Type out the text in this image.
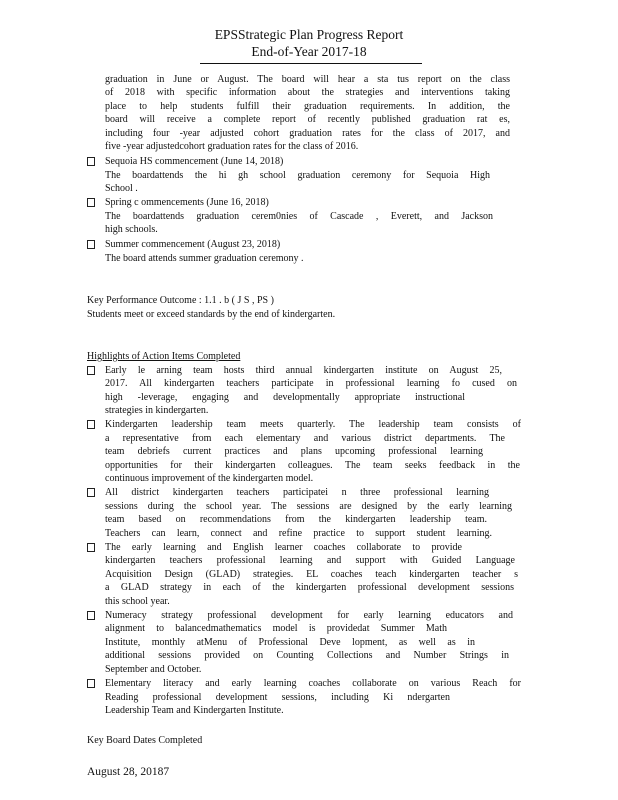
EPSStrategic Plan Progress Report
End-of-Year 2017-18
graduation in June or August. The board will hear a sta tus report on the class
of 2018 with specific information about the strategies and interventions taking
place to help students fulfill their graduation requirements. In addition, the
board will receive a complete report of recently published graduation rat es,
including four -year adjusted cohort graduation rates for the class of 2017, and
five -year adjustedcohort graduation rates for the class of 2016.
Sequoia HS commencement (June 14, 2018)
The boardattends the hi gh school graduation ceremony for Sequoia High
School .
Spring c ommencements (June 16, 2018)
The boardattends graduation cerem0nies of Cascade , Everett, and Jackson
high schools.
Summer commencement (August 23, 2018)
The board attends summer graduation ceremony .
Key Performance Outcome : 1.1 . b ( J S , PS )
Students meet or exceed standards by the end of kindergarten.
Highlights of Action Items Completed
Early le arning team hosts third annual kindergarten institute on August 25,
2017. All kindergarten teachers participate in professional learning fo cused on
high -leverage, engaging and developmentally appropriate instructional
strategies in kindergarten.
Kindergarten leadership team meets quarterly. The leadership team consists of
a representative from each elementary and various district departments. The
team debriefs current practices and plans upcoming professional learning
opportunities for their kindergarten colleagues. The team seeks feedback in the
continuous improvement of the kindergarten model.
All district kindergarten teachers participatei n three professional learning
sessions during the school year. The sessions are designed by the early learning
team based on recommendations from the kindergarten leadership team.
Teachers can learn, connect and refine practice to support student learning.
The early learning and English learner coaches collaborate to provide
kindergarten teachers professional learning and support with Guided Language
Acquisition Design (GLAD) strategies. EL coaches teach kindergarten teacher s
a GLAD strategy in each of the kindergarten professional development sessions
this school year.
Numeracy strategy professional development for early learning educators and
alignment to balancedmathematics model is providedat Summer Math
Institute, monthly atMenu of Professional Deve lopment, as well as in
additional sessions provided on Counting Collections and Number Strings in
September and October.
Elementary literacy and early learning coaches collaborate on various Reach for
Reading professional development sessions, including Ki ndergarten
Leadership Team and Kindergarten Institute.
Key Board Dates Completed
August 28, 20187
